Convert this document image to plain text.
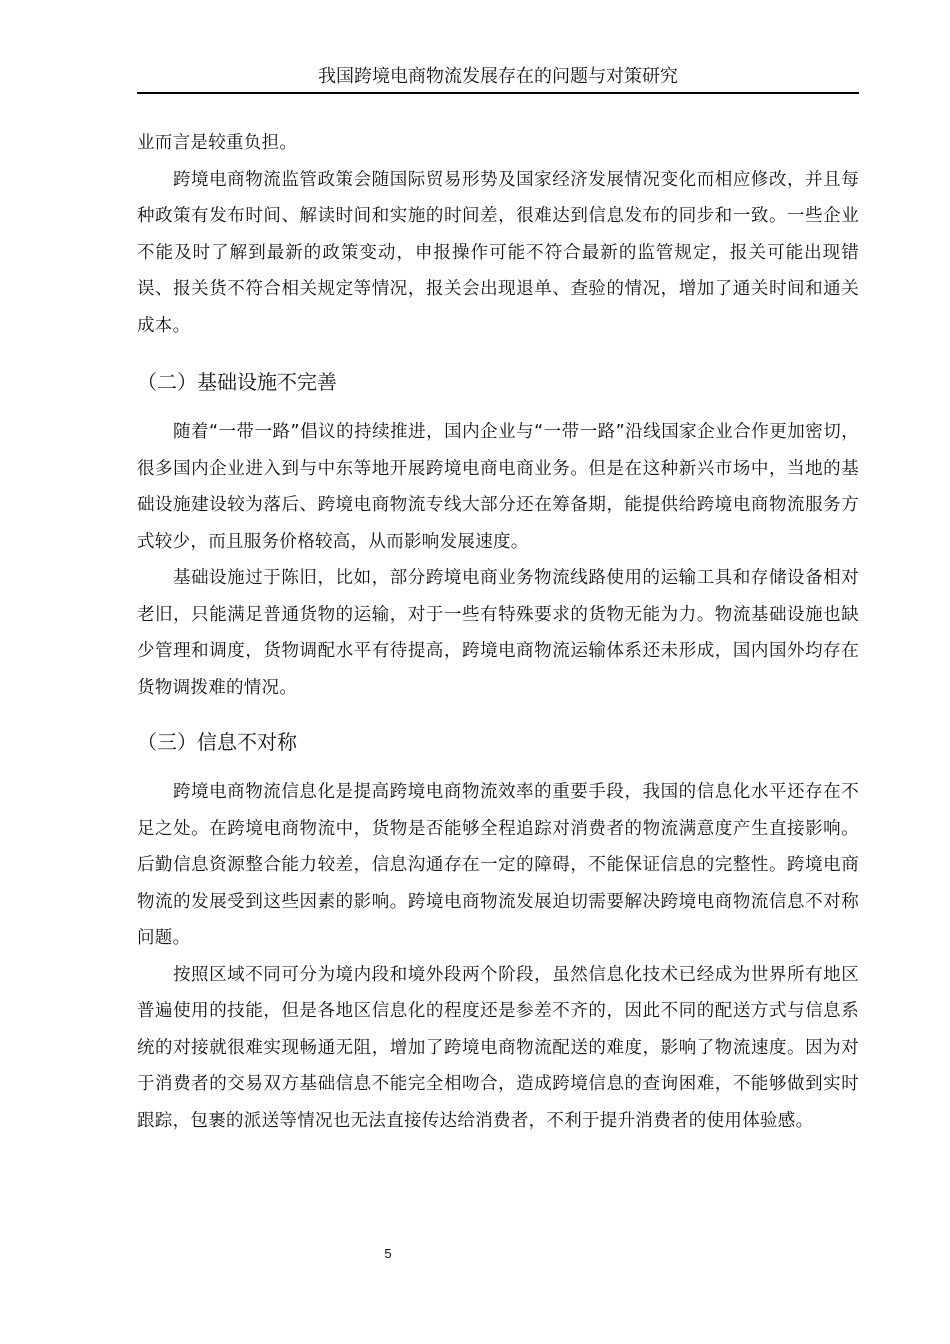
我国跨境电商物流发展存在的问题与对策研究

业而言是较重负担。

跨境电商物流监管政策会随国际贸易形势及国家经济发展情况变化而相应修改，并且每种政策有发布时间、解读时间和实施的时间差，很难达到信息发布的同步和一致。一些企业不能及时了解到最新的政策变动，申报操作可能不符合最新的监管规定，报关可能出现错误、报关货不符合相关规定等情况，报关会出现退单、查验的情况，增加了通关时间和通关成本。

（二）基础设施不完善

随着“一带一路”倡议的持续推进，国内企业与“一带一路”沿线国家企业合作更加密切，很多国内企业进入到与中东等地开展跨境电商电商业务。但是在这种新兴市场中，当地的基础设施建设较为落后、跨境电商物流专线大部分还在筹备期，能提供给跨境电商物流服务方式较少，而且服务价格较高，从而影响发展速度。

基础设施过于陈旧，比如，部分跨境电商业务物流线路使用的运输工具和存储设备相对老旧，只能满足普通货物的运输，对于一些有特殊要求的货物无能为力。物流基础设施也缺少管理和调度，货物调配水平有待提高，跨境电商物流运输体系还未形成，国内国外均存在货物调拨难的情况。

（三）信息不对称

跨境电商物流信息化是提高跨境电商物流效率的重要手段，我国的信息化水平还存在不足之处。在跨境电商物流中，货物是否能够全程追踪对消费者的物流满意度产生直接影响。后勤信息资源整合能力较差，信息沟通存在一定的障碍，不能保证信息的完整性。跨境电商物流的发展受到这些因素的影响。跨境电商物流发展迫切需要解决跨境电商物流信息不对称问题。

按照区域不同可分为境内段和境外段两个阶段，虽然信息化技术已经成为世界所有地区普遍使用的技能，但是各地区信息化的程度还是参差不齐的，因此不同的配送方式与信息系统的对接就很难实现畅通无阻，增加了跨境电商物流配送的难度，影响了物流速度。因为对于消费者的交易双方基础信息不能完全相吻合，造成跨境信息的查询困难，不能够做到实时跟踪，包裹的派送等情况也无法直接传达给消费者，不利于提升消费者的使用体验感。

5
